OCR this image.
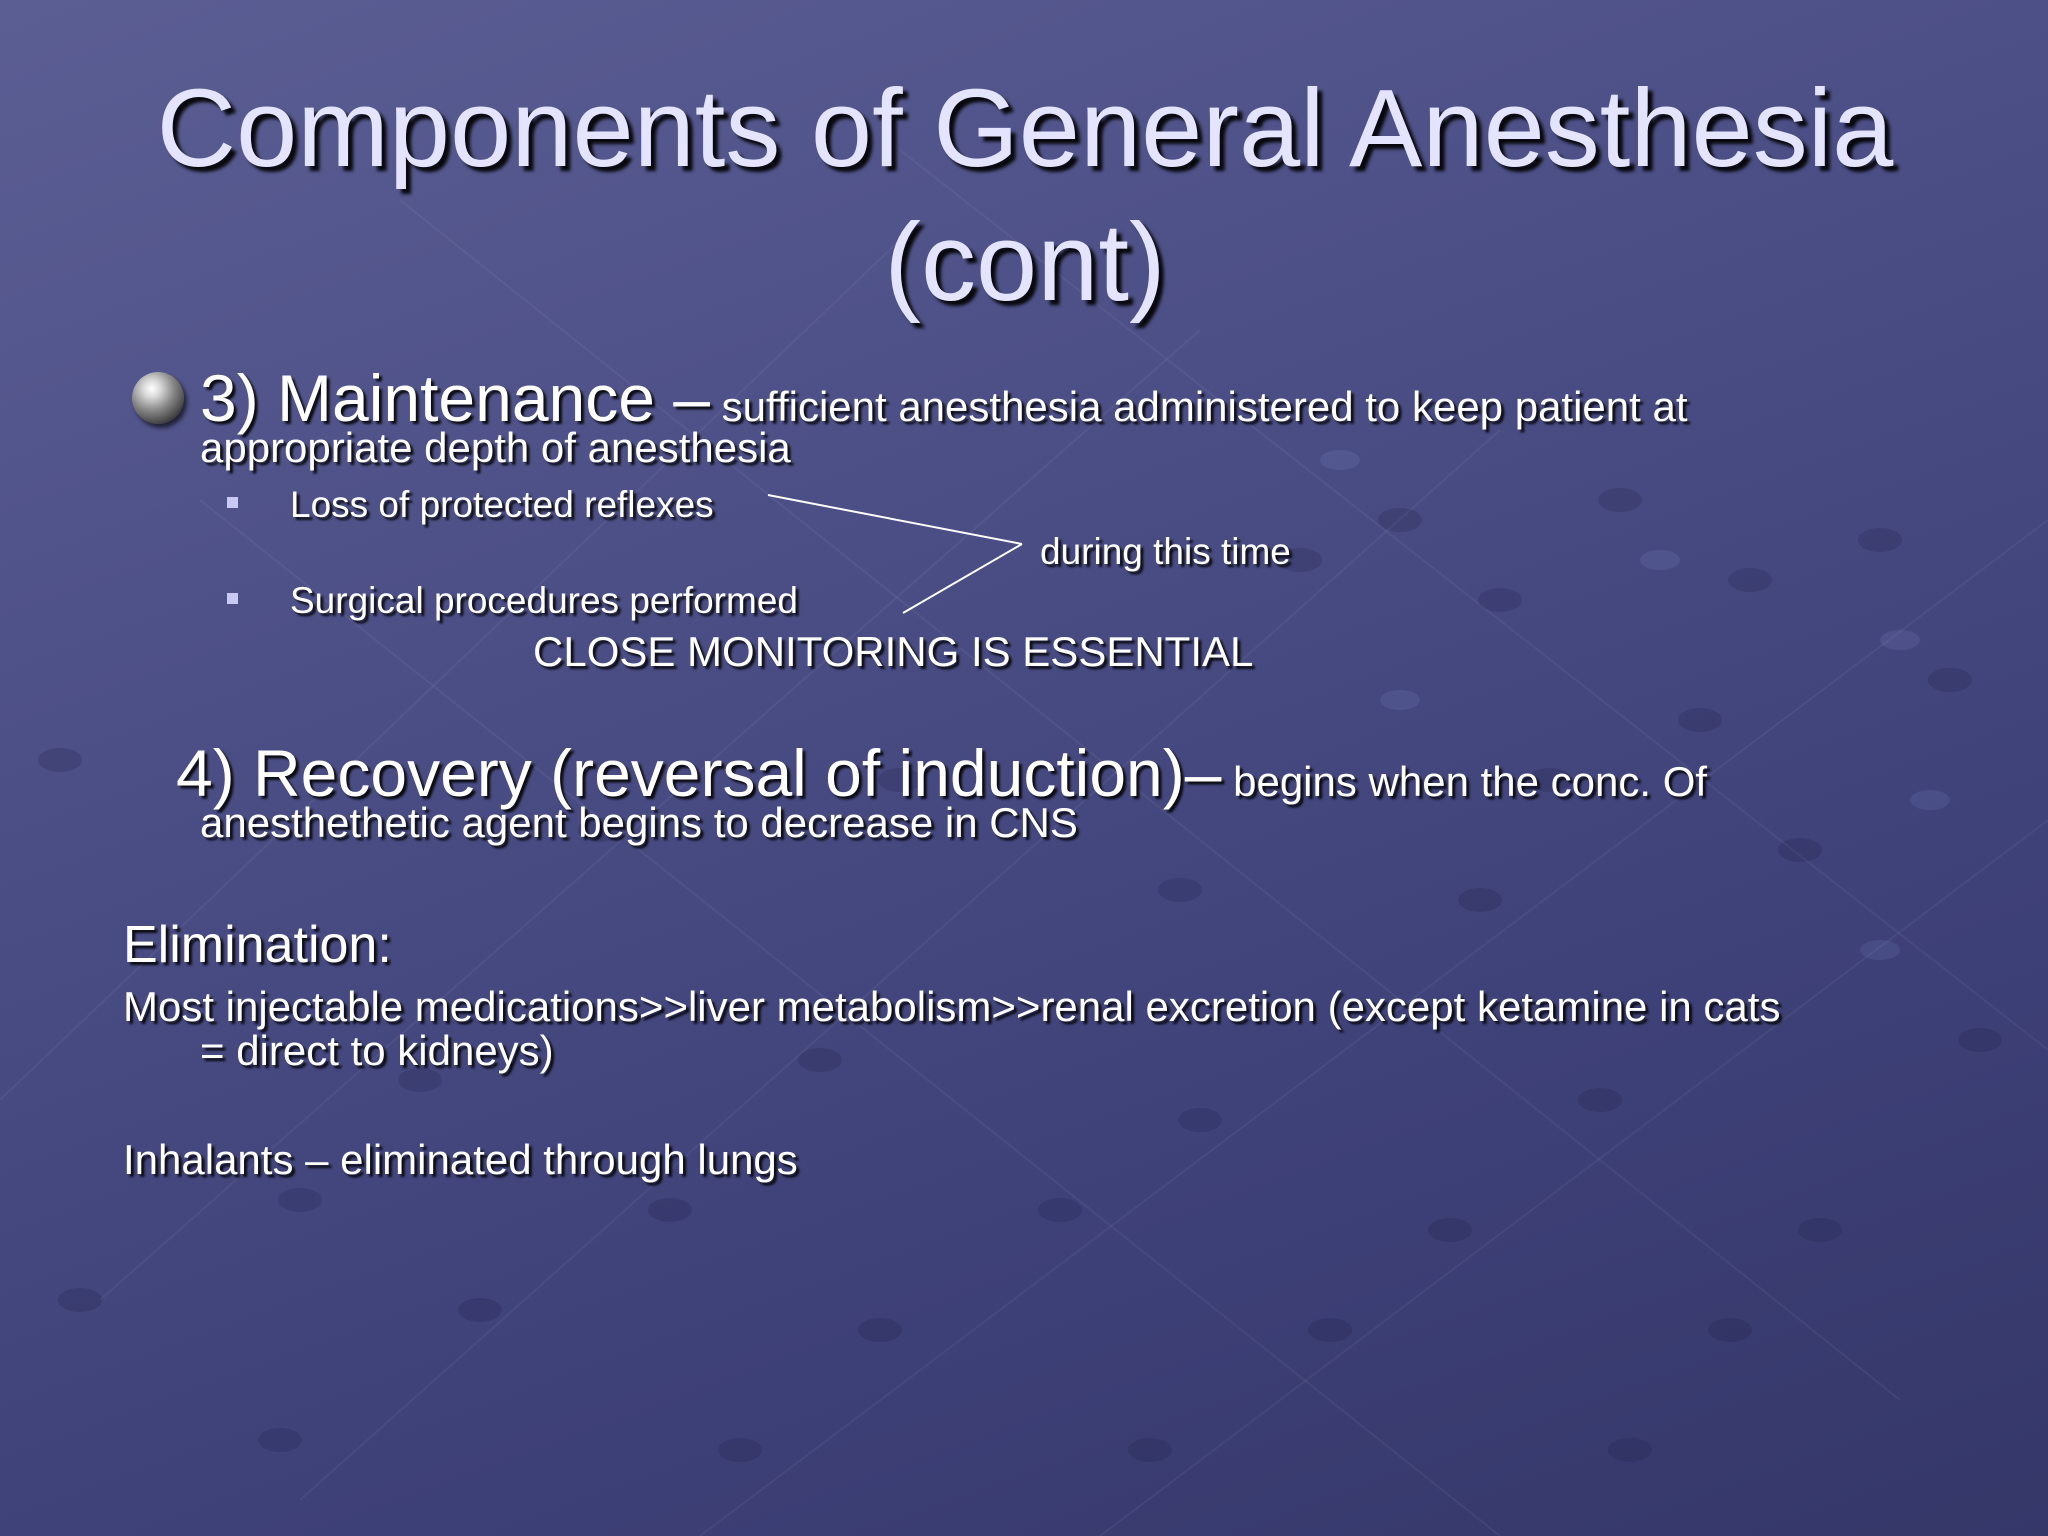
Components of General Anesthesia
(cont)
3) Maintenance – sufficient anesthesia administered to keep patient at
appropriate depth of anesthesia
Loss of protected reflexes
Surgical procedures performed
during this time
CLOSE MONITORING IS ESSENTIAL
4) Recovery (reversal of induction)– begins when the conc. Of
anesthethetic agent begins to decrease in CNS
Elimination:
Most injectable medications>>liver metabolism>>renal excretion (except ketamine in cats
= direct to kidneys)
Inhalants – eliminated through lungs
